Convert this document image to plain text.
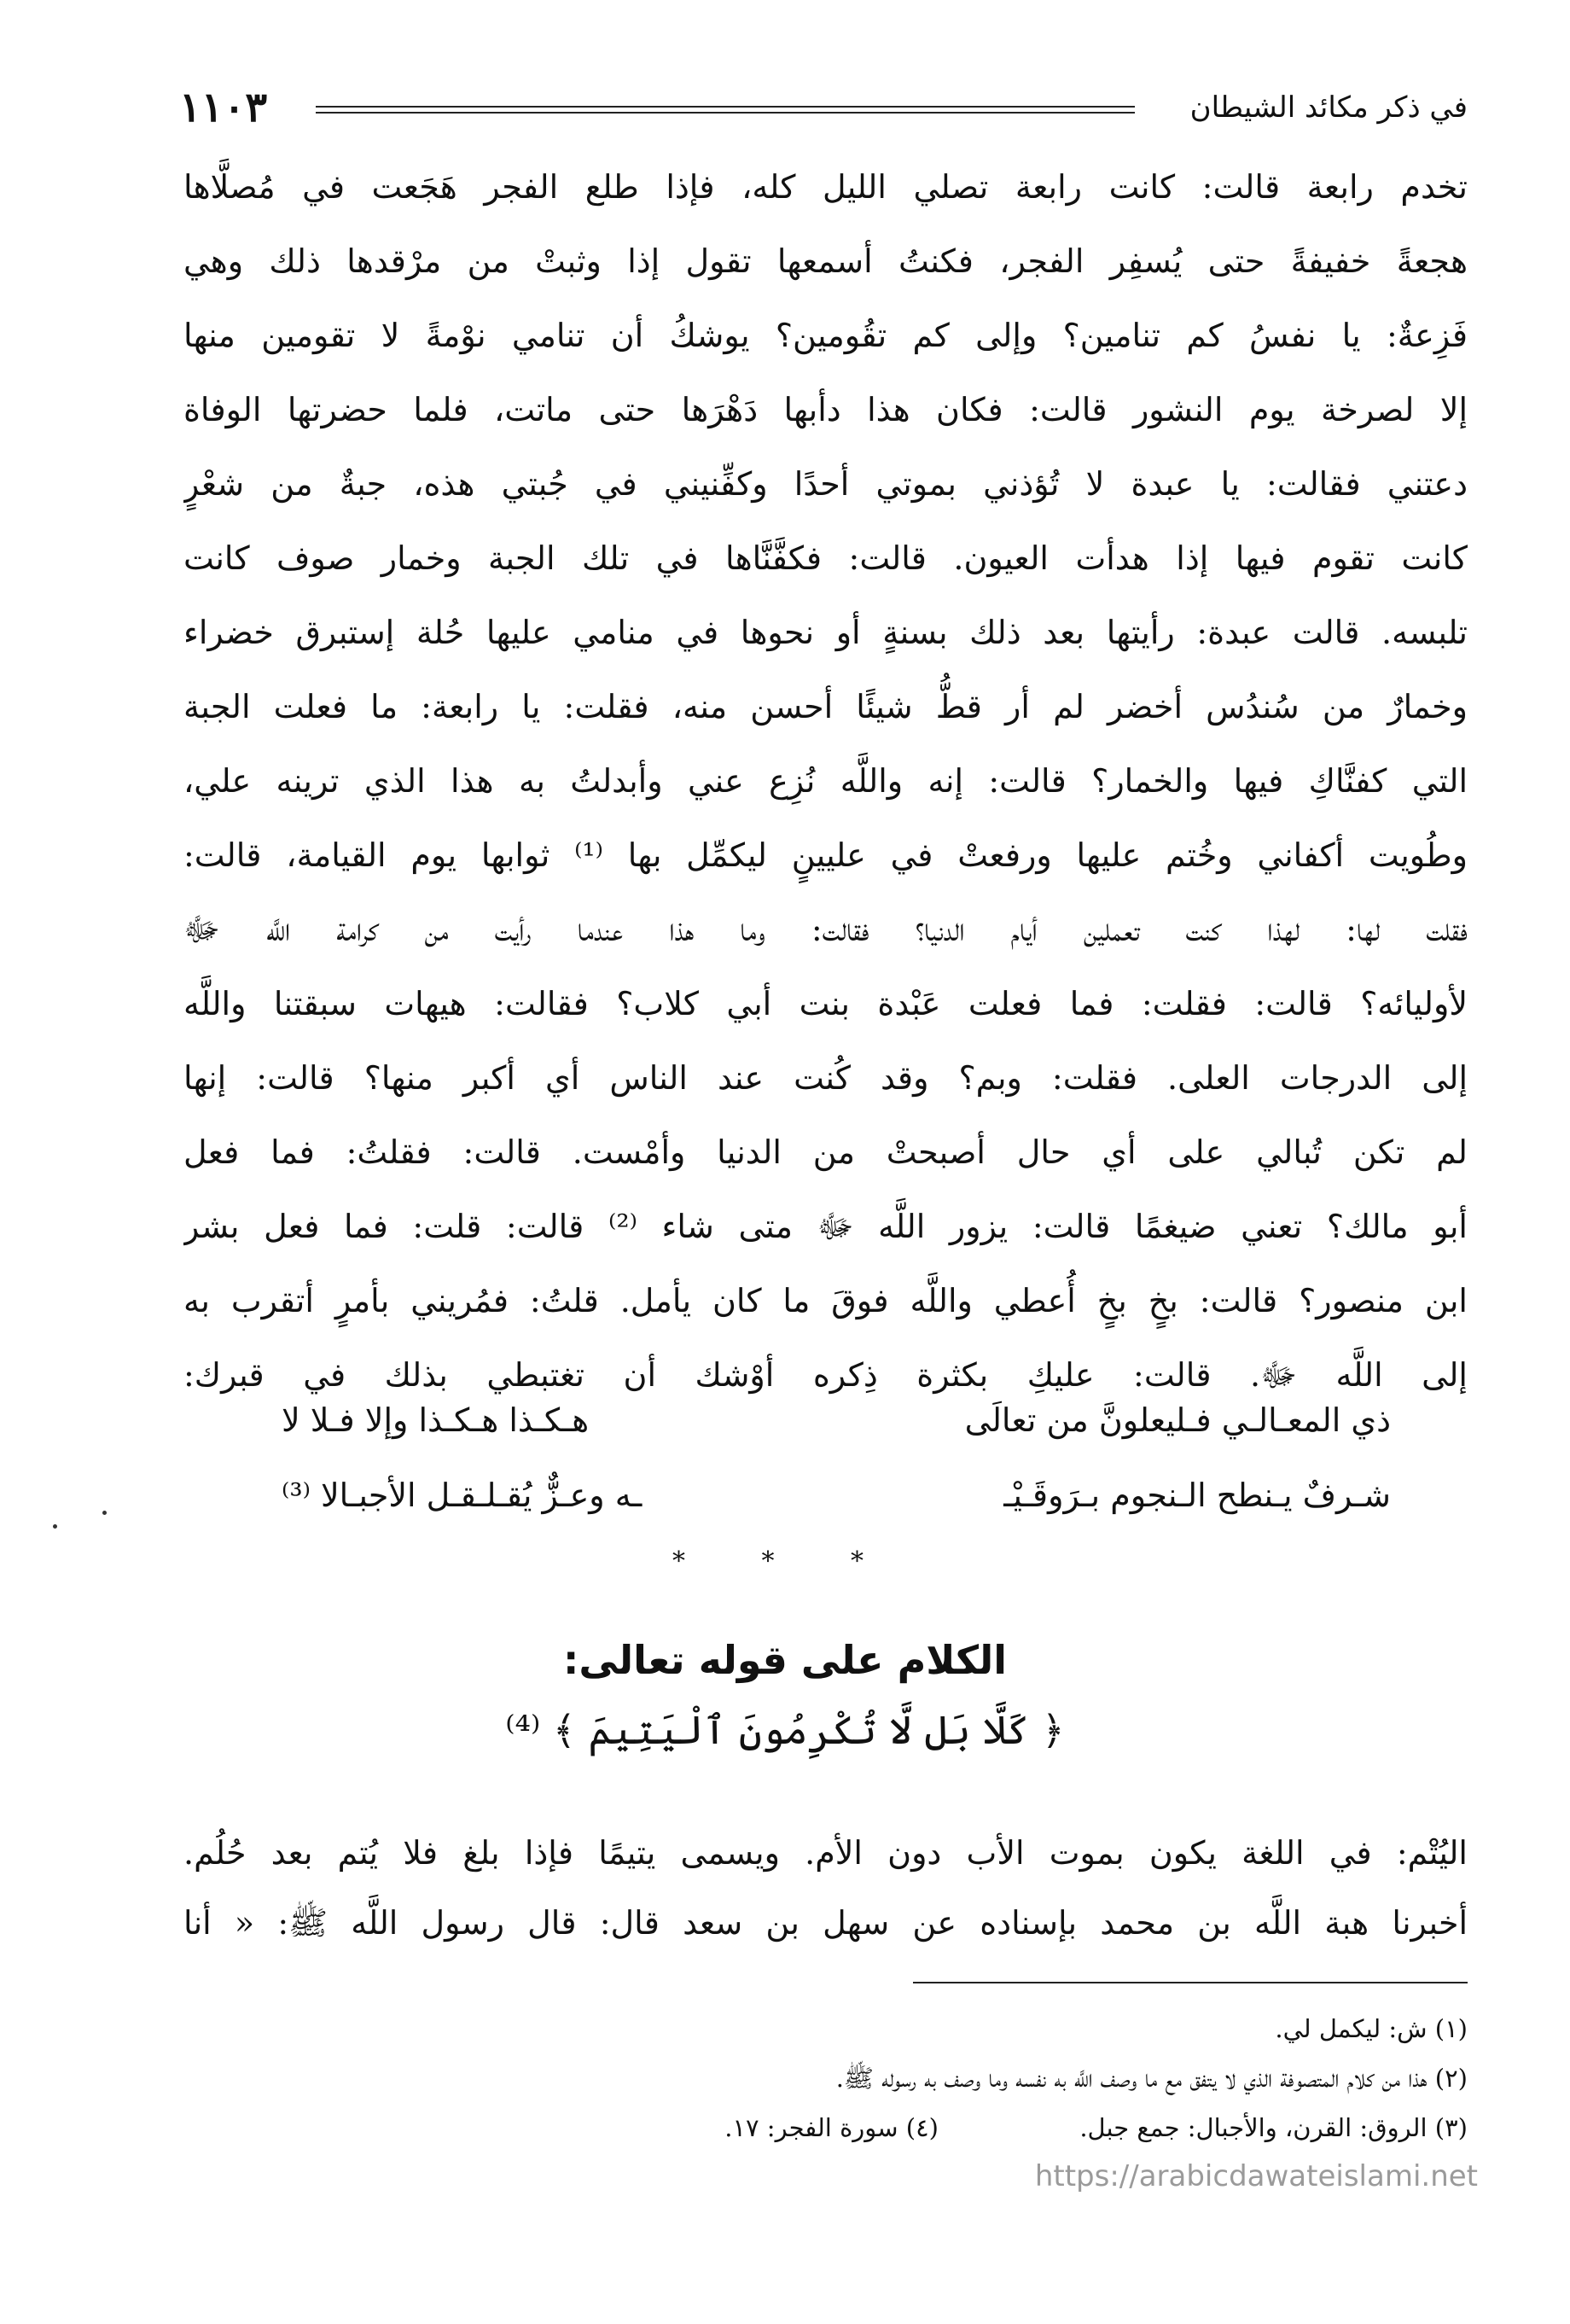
في ذكر مكائد الشيطان
١١٠٣
تخدم رابعة قالت: كانت رابعة تصلي الليل كله، فإذا طلع الفجر هَجَعت في مُصلَّاها
هجعةً خفيفةً حتى يُسفِر الفجر، فكنتُ أسمعها تقول إذا وثبتْ من مرْقدها ذلك وهي
فَزِعةٌ: يا نفسُ كم تنامين؟ وإلى كم تقُومين؟ يوشكُ أن تنامي نوْمةً لا تقومين منها
إلا لصرخة يوم النشور قالت: فكان هذا دأبها دَهْرَها حتى ماتت، فلما حضرتها الوفاة
دعتني فقالت: يا عبدة لا تُؤذني بموتي أحدًا وكفِّنيني في جُبتي هذه، جبةٌ من شعْرٍ
كانت تقوم فيها إذا هدأت العيون. قالت: فكفَّنَّاها في تلك الجبة وخمار صوف كانت
تلبسه. قالت عبدة: رأيتها بعد ذلك بسنةٍ أو نحوها في منامي عليها حُلة إستبرق خضراء
وخمارٌ من سُندُس أخضر لم أر قطُّ شيئًا أحسن منه، فقلت: يا رابعة: ما فعلت الجبة
التي كفنَّاكِ فيها والخمار؟ قالت: إنه واللَّه نُزِع عني وأبدلتُ به هذا الذي ترينه علي،
وطُويت أكفاني وخُتم عليها ورفعتْ في عليينٍ ليكمِّل بها ⁽¹⁾ ثوابها يوم القيامة، قالت:
فقلت لها: لهذا كنت تعملين أيام الدنيا؟ فقالت: وما هذا عندما رأيت من كرامة اللَّه ﷻ
لأوليائه؟ قالت: فقلت: فما فعلت عَبْدة بنت أبي كلاب؟ فقالت: هيهات سبقتنا واللَّه
إلى الدرجات العلى. فقلت: وبم؟ وقد كُنت عند الناس أي أكبر منها؟ قالت: إنها
لم تكن تُبالي على أي حال أصبحتْ من الدنيا وأمْست. قالت: فقلتُ: فما فعل
أبو مالك؟ تعني ضيغمًا قالت: يزور اللَّه ﷻ متى شاء ⁽²⁾ قالت: قلت: فما فعل بشر
ابن منصور؟ قالت: بخٍ بخٍ أُعطي واللَّه فوقَ ما كان يأمل. قلتُ: فمُريني بأمرٍ أتقرب به
إلى اللَّه ﷻ. قالت: عليكِ بكثرة ذِكره أوْشك أن تغتبطي بذلك في قبرك:
ذي المعـالـي فـليعلونَّ من تعالَى
هـكـذا هـكـذا وإلا فـلا لا
شـرفٌ يـنطح الـنجوم بـرَوقَـيْـ
ـه وعـزٌّ يُقـلـقـل الأجبـالا ⁽³⁾
* * *
الكلام على قوله تعالى:
﴿ كَلَّا بَل لَّا تُكْرِمُونَ ٱلْيَتِيمَ ﴾ ⁽⁴⁾
اليُتْم: في اللغة يكون بموت الأب دون الأم. ويسمى يتيمًا فإذا بلغ فلا يُتم بعد حُلُم.
أخبرنا هبة اللَّه بن محمد بإسناده عن سهل بن سعد قال: قال رسول اللَّه ﷺ: « أنا
(١) ش: ليكمل لي.
(٢) هذا من كلام المتصوفة الذي لا يتفق مع ما وصف اللَّه به نفسه وما وصف به رسوله ﷺ.
(٣) الروق: القرن، والأجبال: جمع جبل.
(٤) سورة الفجر: ١٧.
https://arabicdawateislami.net
